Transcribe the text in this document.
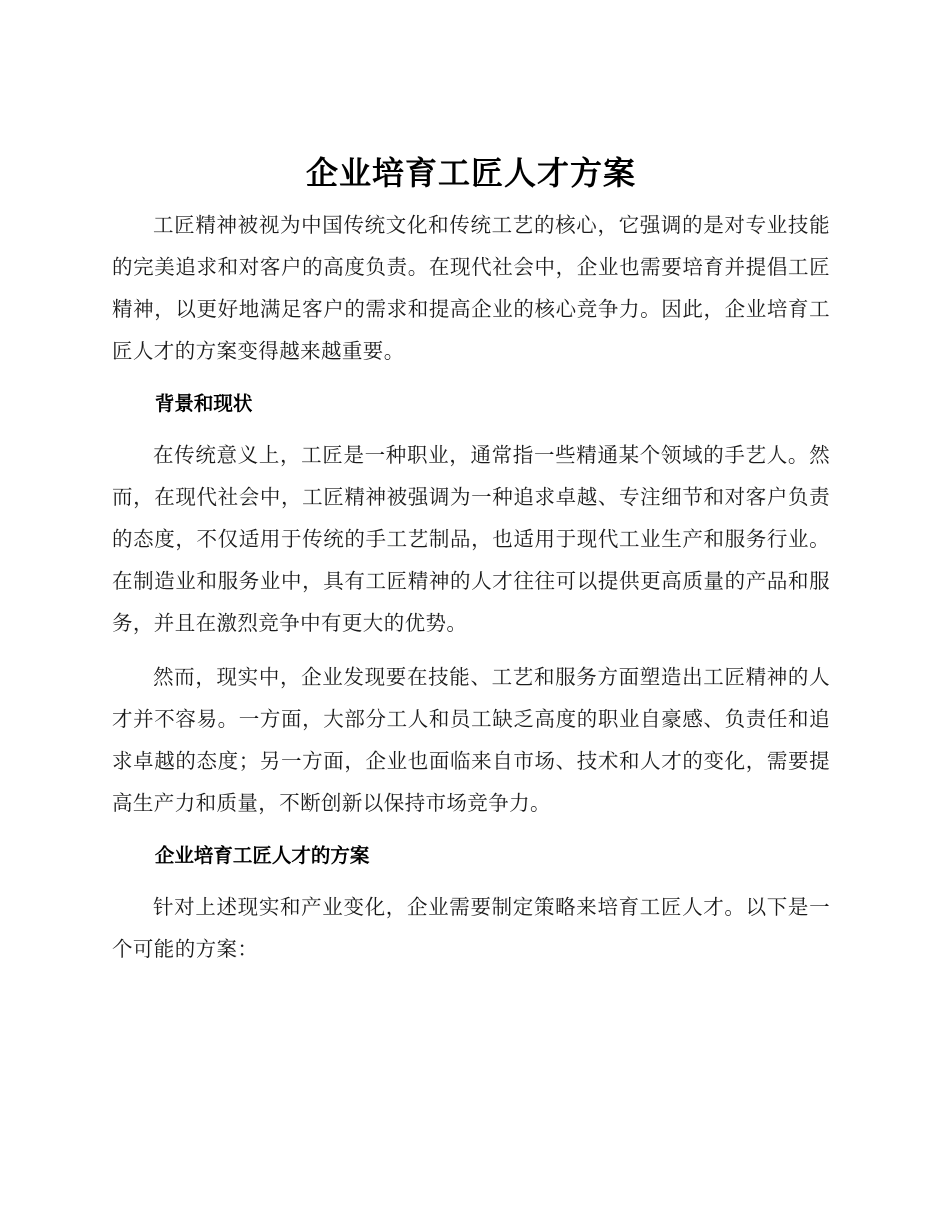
企业培育工匠人才方案

工匠精神被视为中国传统文化和传统工艺的核心，它强调的是对专业技能的完美追求和对客户的高度负责。在现代社会中，企业也需要培育并提倡工匠精神，以更好地满足客户的需求和提高企业的核心竞争力。因此，企业培育工匠人才的方案变得越来越重要。

背景和现状

在传统意义上，工匠是一种职业，通常指一些精通某个领域的手艺人。然而，在现代社会中，工匠精神被强调为一种追求卓越、专注细节和对客户负责的态度，不仅适用于传统的手工艺制品，也适用于现代工业生产和服务行业。在制造业和服务业中，具有工匠精神的人才往往可以提供更高质量的产品和服务，并且在激烈竞争中有更大的优势。

然而，现实中，企业发现要在技能、工艺和服务方面塑造出工匠精神的人才并不容易。一方面，大部分工人和员工缺乏高度的职业自豪感、负责任和追求卓越的态度；另一方面，企业也面临来自市场、技术和人才的变化，需要提高生产力和质量，不断创新以保持市场竞争力。

企业培育工匠人才的方案

针对上述现实和产业变化，企业需要制定策略来培育工匠人才。以下是一个可能的方案：
